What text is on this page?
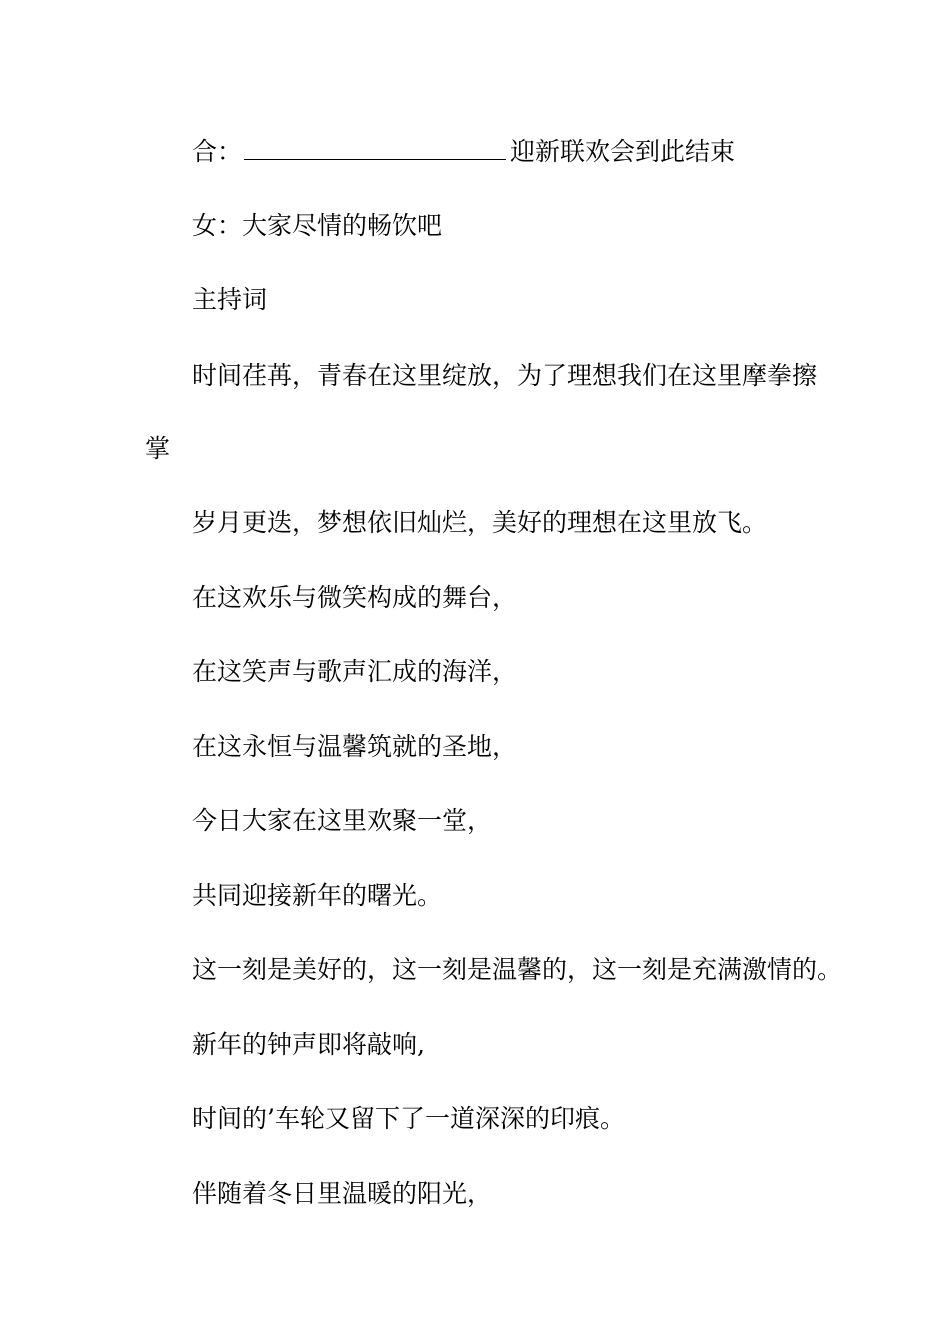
合：	迎新联欢会到此结束
女：大家尽情的畅饮吧
主持词
时间荏苒，青春在这里绽放，为了理想我们在这里摩拳擦
掌
岁月更迭，梦想依旧灿烂，美好的理想在这里放飞。
在这欢乐与微笑构成的舞台，
在这笑声与歌声汇成的海洋，
在这永恒与温馨筑就的圣地，
今日大家在这里欢聚一堂，
共同迎接新年的曙光。
这一刻是美好的，这一刻是温馨的，这一刻是充满激情的。
新年的钟声即将敲响,
时间的’车轮又留下了一道深深的印痕。
伴随着冬日里温暖的阳光，
